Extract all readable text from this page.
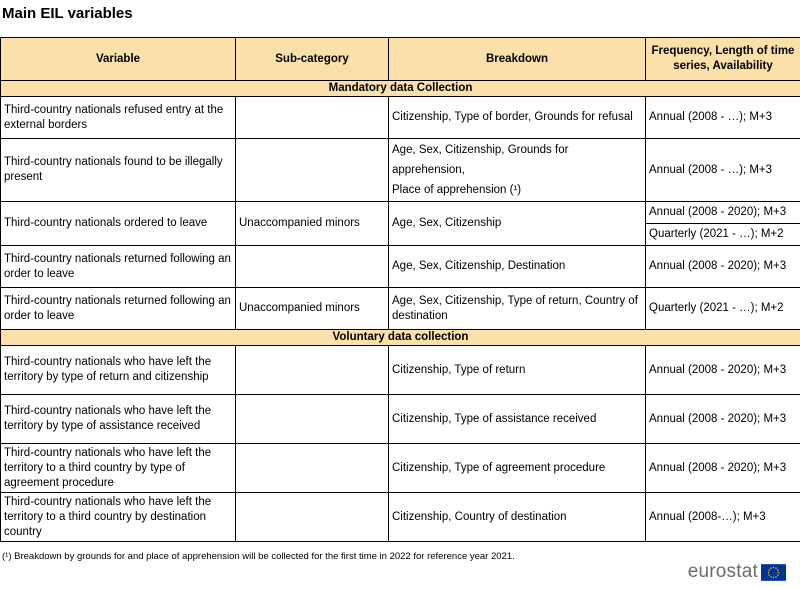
Main EIL variables
Variable	Sub-category	Breakdown	Frequency, Length of time series, Availability
Mandatory data Collection			
Third-country nationals refused entry at the external borders		Citizenship, Type of border, Grounds for refusal	Annual (2008 - …); M+3
Third-country nationals found to be illegally present		Age, Sex, Citizenship, Grounds for apprehension,
Place of apprehension (¹)	Annual (2008 - …); M+3
Third-country nationals ordered to leave	Unaccompanied minors	Age, Sex, Citizenship	Annual (2008 - 2020); M+3
			Quarterly (2021 - …); M+2
Third-country nationals returned following an order to leave		Age, Sex, Citizenship, Destination	Annual (2008 - 2020); M+3
Third-country nationals returned following an order to leave	Unaccompanied minors	Age, Sex, Citizenship, Type of return, Country of destination	Quarterly (2021 - …); M+2
Voluntary data collection			
Third-country nationals who have left the territory by type of return and citizenship		Citizenship, Type of return	Annual (2008 - 2020); M+3
Third-country nationals who have left the territory by type of assistance received		Citizenship, Type of assistance received	Annual (2008 - 2020); M+3
Third-country nationals who have left the territory to a third country by type of agreement procedure		Citizenship, Type of agreement procedure	Annual (2008 - 2020); M+3
Third-country nationals who have left the territory to a third country by destination country		Citizenship, Country of destination	Annual (2008-…); M+3
(¹) Breakdown by grounds for and place of apprehension will be collected for the first time in 2022 for reference year 2021.
eurostat
